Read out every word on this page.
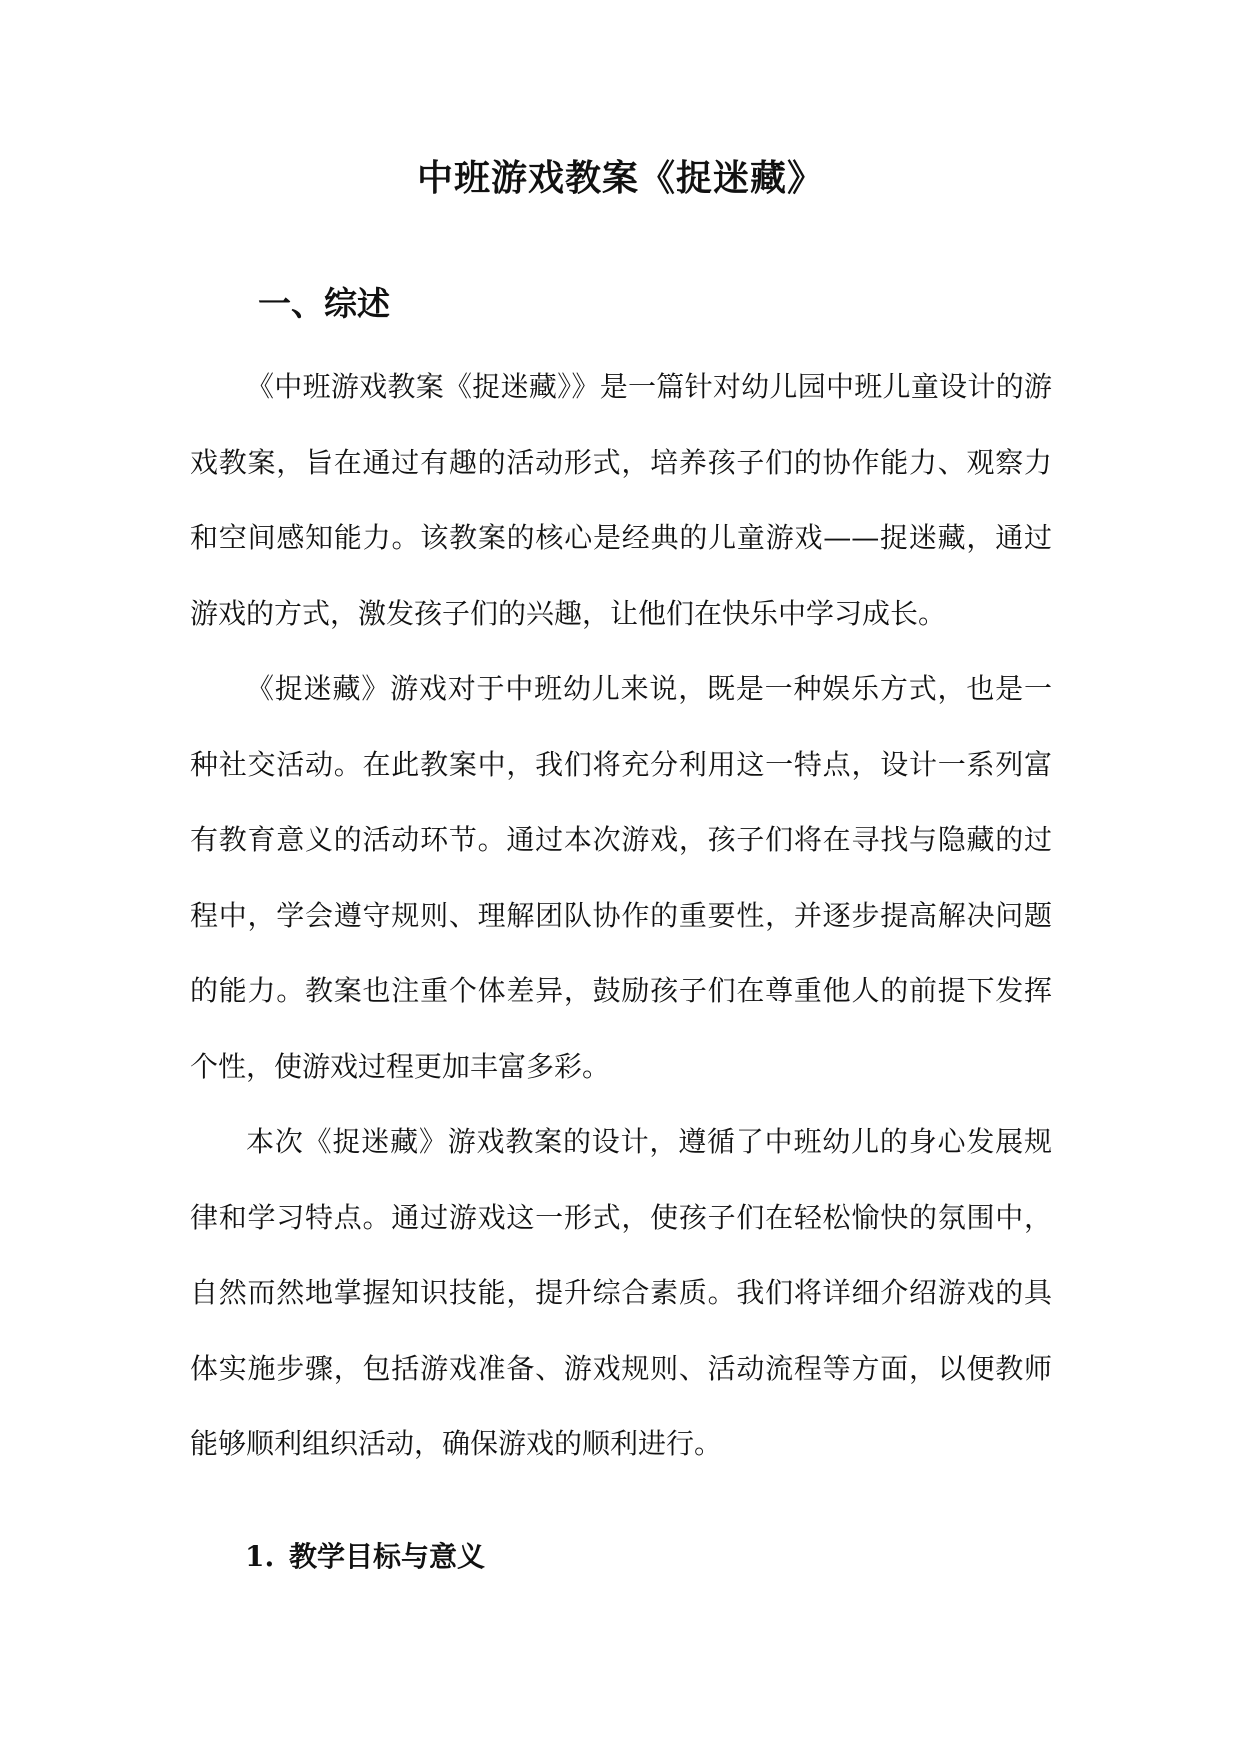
中班游戏教案《捉迷藏》
一、综述

《中班游戏教案《捉迷藏》》是一篇针对幼儿园中班儿童设计的游戏教案，旨在通过有趣的活动形式，培养孩子们的协作能力、观察力和空间感知能力。该教案的核心是经典的儿童游戏——捉迷藏，通过游戏的方式，激发孩子们的兴趣，让他们在快乐中学习成长。

《捉迷藏》游戏对于中班幼儿来说，既是一种娱乐方式，也是一种社交活动。在此教案中，我们将充分利用这一特点，设计一系列富有教育意义的活动环节。通过本次游戏，孩子们将在寻找与隐藏的过程中，学会遵守规则、理解团队协作的重要性，并逐步提高解决问题的能力。教案也注重个体差异，鼓励孩子们在尊重他人的前提下发挥个性，使游戏过程更加丰富多彩。

本次《捉迷藏》游戏教案的设计，遵循了中班幼儿的身心发展规律和学习特点。通过游戏这一形式，使孩子们在轻松愉快的氛围中，自然而然地掌握知识技能，提升综合素质。我们将详细介绍游戏的具体实施步骤，包括游戏准备、游戏规则、活动流程等方面，以便教师能够顺利组织活动，确保游戏的顺利进行。

1. 教学目标与意义
